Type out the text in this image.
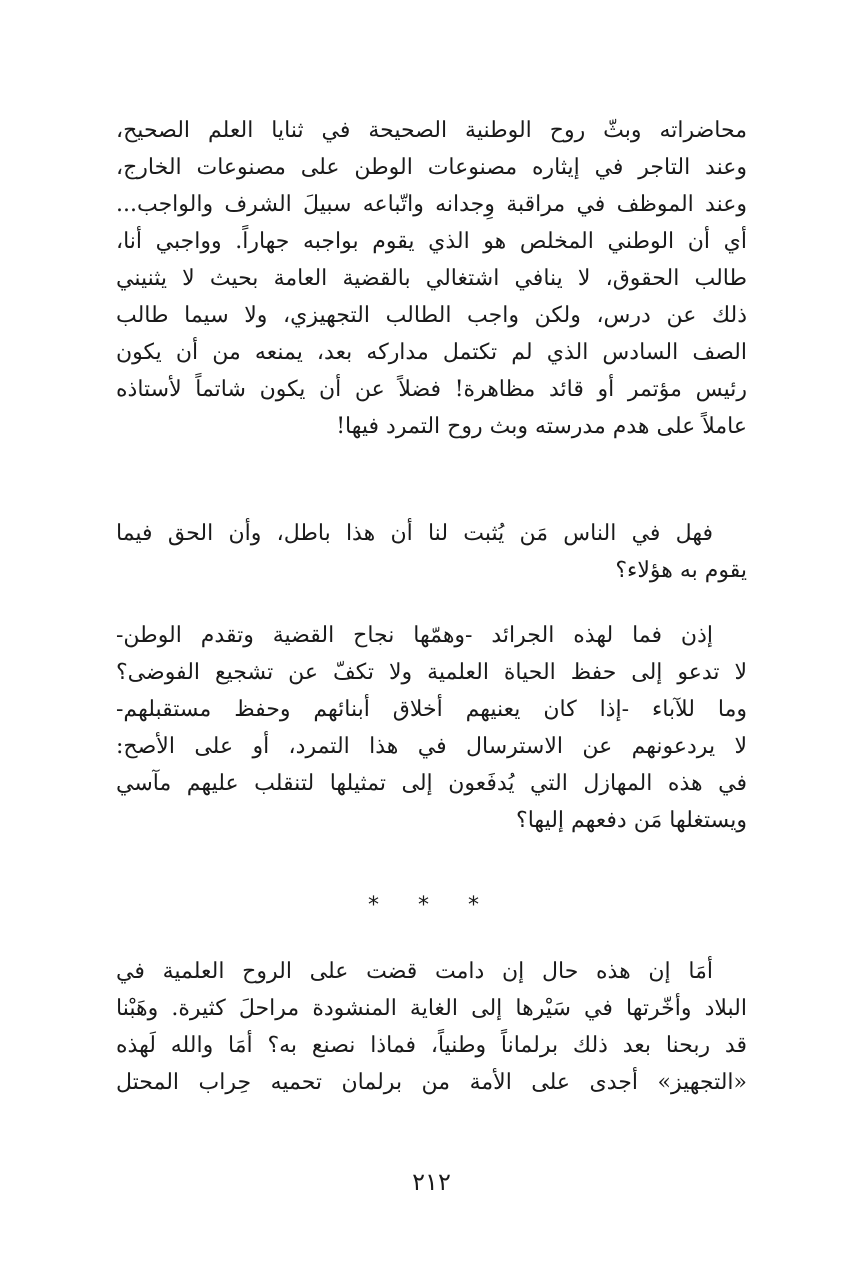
محاضراته وبثّ روح الوطنية الصحيحة في ثنايا العلم الصحيح،
وعند التاجر في إيثاره مصنوعات الوطن على مصنوعات الخارج،
وعند الموظف في مراقبة وِجدانه واتّباعه سبيلَ الشرف والواجب...
أي أن الوطني المخلص هو الذي يقوم بواجبه جهاراً. وواجبي أنا،
طالب الحقوق، لا ينافي اشتغالي بالقضية العامة بحيث لا يثنيني
ذلك عن درس، ولكن واجب الطالب التجهيزي، ولا سيما طالب
الصف السادس الذي لم تكتمل مداركه بعد، يمنعه من أن يكون
رئيس مؤتمر أو قائد مظاهرة! فضلاً عن أن يكون شاتماً لأستاذه
عاملاً على هدم مدرسته وبث روح التمرد فيها!
فهل في الناس مَن يُثبت لنا أن هذا باطل، وأن الحق فيما
يقوم به هؤلاء؟
إذن فما لهذه الجرائد -وهمّها نجاح القضية وتقدم الوطن-
لا تدعو إلى حفظ الحياة العلمية ولا تكفّ عن تشجيع الفوضى؟
وما للآباء -إذا كان يعنيهم أخلاق أبنائهم وحفظ مستقبلهم-
لا يردعونهم عن الاسترسال في هذا التمرد، أو على الأصح:
في هذه المهازل التي يُدفَعون إلى تمثيلها لتنقلب عليهم مآسي
ويستغلها مَن دفعهم إليها؟
* * *
أمَا إن هذه حال إن دامت قضت على الروح العلمية في
البلاد وأخّرتها في سَيْرها إلى الغاية المنشودة مراحلَ كثيرة. وهَبْنا
قد ربحنا بعد ذلك برلماناً وطنياً، فماذا نصنع به؟ أمَا والله لَهذه
«التجهيز» أجدى على الأمة من برلمان تحميه حِراب المحتل
٢١٢
